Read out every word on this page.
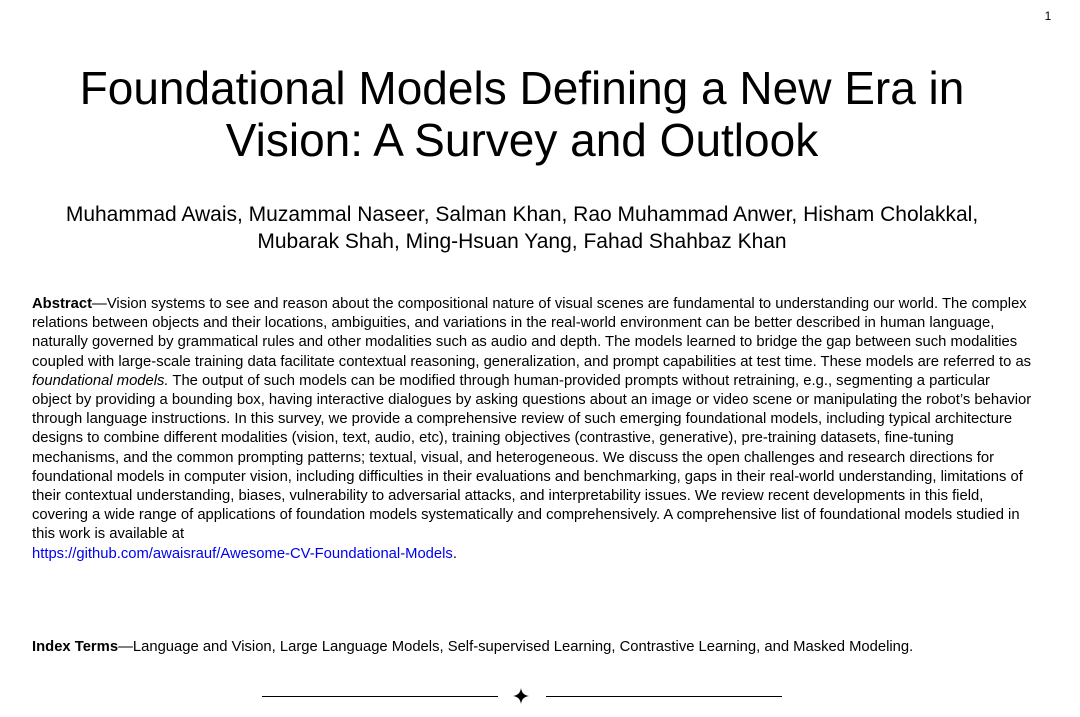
1
Foundational Models Defining a New Era in
Vision: A Survey and Outlook
Muhammad Awais, Muzammal Naseer, Salman Khan, Rao Muhammad Anwer, Hisham Cholakkal,
Mubarak Shah, Ming-Hsuan Yang, Fahad Shahbaz Khan

Abstract—Vision systems to see and reason about the compositional nature of visual scenes are fundamental to understanding our world. The complex relations between objects and their locations, ambiguities, and variations in the real-world environment can be better described in human language, naturally governed by grammatical rules and other modalities such as audio and depth. The models learned to bridge the gap between such modalities coupled with large-scale training data facilitate contextual reasoning, generalization, and prompt capabilities at test time. These models are referred to as foundational models. The output of such models can be modified through human-provided prompts without retraining, e.g., segmenting a particular object by providing a bounding box, having interactive dialogues by asking questions about an image or video scene or manipulating the robot’s behavior through language instructions. In this survey, we provide a comprehensive review of such emerging foundational models, including typical architecture designs to combine different modalities (vision, text, audio, etc), training objectives (contrastive, generative), pre-training datasets, fine-tuning mechanisms, and the common prompting patterns; textual, visual, and heterogeneous. We discuss the open challenges and research directions for foundational models in computer vision, including difficulties in their evaluations and benchmarking, gaps in their real-world understanding, limitations of their contextual understanding, biases, vulnerability to adversarial attacks, and interpretability issues. We review recent developments in this field, covering a wide range of applications of foundation models systematically and comprehensively. A comprehensive list of foundational models studied in this work is available at
https://github.com/awaisrauf/Awesome-CV-Foundational-Models.

Index Terms—Language and Vision, Large Language Models, Self-supervised Learning, Contrastive Learning, and Masked Modeling.
